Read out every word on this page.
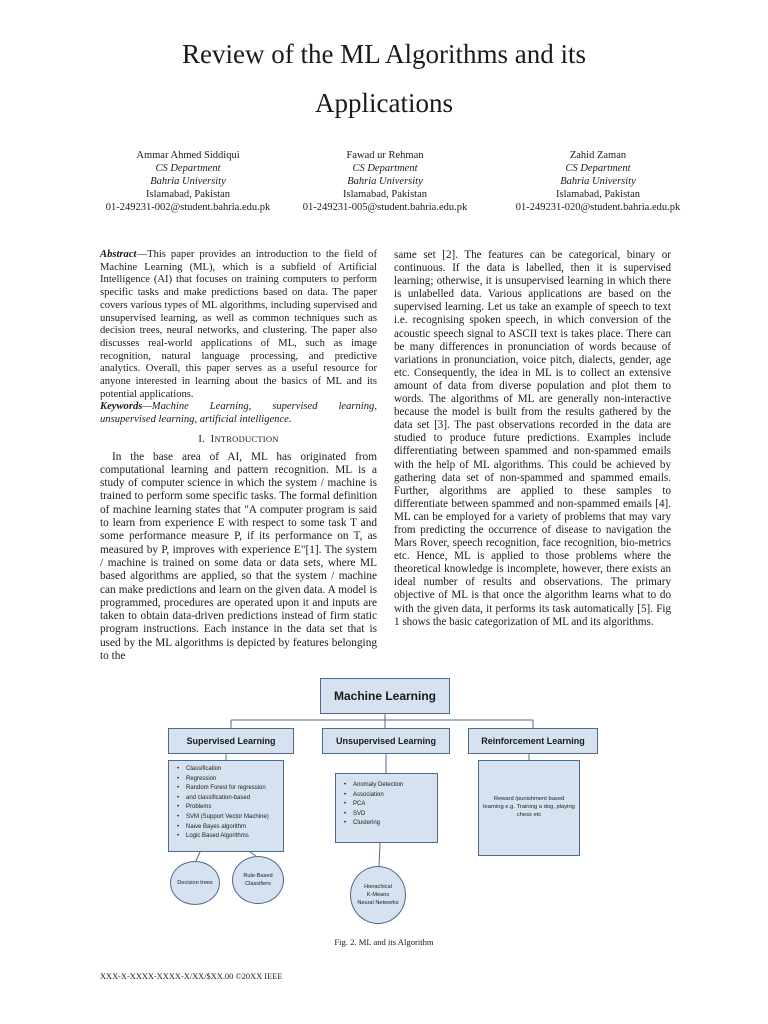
Review of the ML Algorithms and its
Applications
Ammar Ahmed Siddiqui
CS Department
Bahria University
Islamabad, Pakistan
01-249231-002@student.bahria.edu.pk
Fawad ur Rehman
CS Department
Bahria University
Islamabad, Pakistan
01-249231-005@student.bahria.edu.pk
Zahid Zaman
CS Department
Bahria University
Islamabad, Pakistan
01-249231-020@student.bahria.edu.pk

Abstract—This paper provides an introduction to the field of Machine Learning (ML), which is a subfield of Artificial Intelligence (AI) that focuses on training computers to perform specific tasks and make predictions based on data. The paper covers various types of ML algorithms, including supervised and unsupervised learning, as well as common techniques such as decision trees, neural networks, and clustering. The paper also discusses real-world applications of ML, such as image recognition, natural language processing, and predictive analytics. Overall, this paper serves as a useful resource for anyone interested in learning about the basics of ML and its potential applications.

Keywords—Machine Learning, supervised learning, unsupervised learning, artificial intelligence.

I. INTRODUCTION

In the base area of AI, ML has originated from computational learning and pattern recognition. ML is a study of computer science in which the system / machine is trained to perform some specific tasks. The formal definition of machine learning states that "A computer program is said to learn from experience E with respect to some task T and some performance measure P, if its performance on T, as measured by P, improves with experience E"[1]. The system / machine is trained on some data or data sets, where ML based algorithms are applied, so that the system / machine can make predictions and learn on the given data. A model is programmed, procedures are operated upon it and inputs are taken to obtain data-driven predictions instead of firm static program instructions. Each instance in the data set that is used by the ML algorithms is depicted by features belonging to the

same set [2]. The features can be categorical, binary or continuous. If the data is labelled, then it is supervised learning; otherwise, it is unsupervised learning in which there is unlabelled data. Various applications are based on the supervised learning. Let us take an example of speech to text i.e. recognising spoken speech, in which conversion of the acoustic speech signal to ASCII text is takes place. There can be many differences in pronunciation of words because of variations in pronunciation, voice pitch, dialects, gender, age etc. Consequently, the idea in ML is to collect an extensive amount of data from diverse population and plot them to words. The algorithms of ML are generally non-interactive because the model is built from the results gathered by the data set [3]. The past observations recorded in the data are studied to produce future predictions. Examples include differentiating between spammed and non-spammed emails with the help of ML algorithms. This could be achieved by gathering data set of non-spammed and spammed emails. Further, algorithms are applied to these samples to differentiate between spammed and non-spammed emails [4]. ML can be employed for a variety of problems that may vary from predicting the occurrence of disease to navigation the Mars Rover, speech recognition, face recognition, bio-metrics etc. Hence, ML is applied to those problems where the theoretical knowledge is incomplete, however, there exists an ideal number of results and observations. The primary objective of ML is that once the algorithm learns what to do with the given data, it performs its task automatically [5]. Fig 1 shows the basic categorization of ML and its algorithms.

Machine Learning
Supervised Learning	Unsupervised Learning	Reinforcement Learning
• Classification
• Regression
• Random Forest for regression
• and classification-based
• Problems
• SVM (Support Vector Machine)
• Naive Bayes algorithm
• Logic Based Algorithms
• Anomaly Detection
• Association
• PCA
• SVD
• Clustering
Reward /punishment based learning e.g. Training a dog, playing chess etc
Decision trees
Rule-Based Classifiers	Hierachical
K-Means
Neural Networks
Fig. 2. ML and its Algorithm
XXX-X-XXXX-XXXX-X/XX/$XX.00 ©20XX IEEE
